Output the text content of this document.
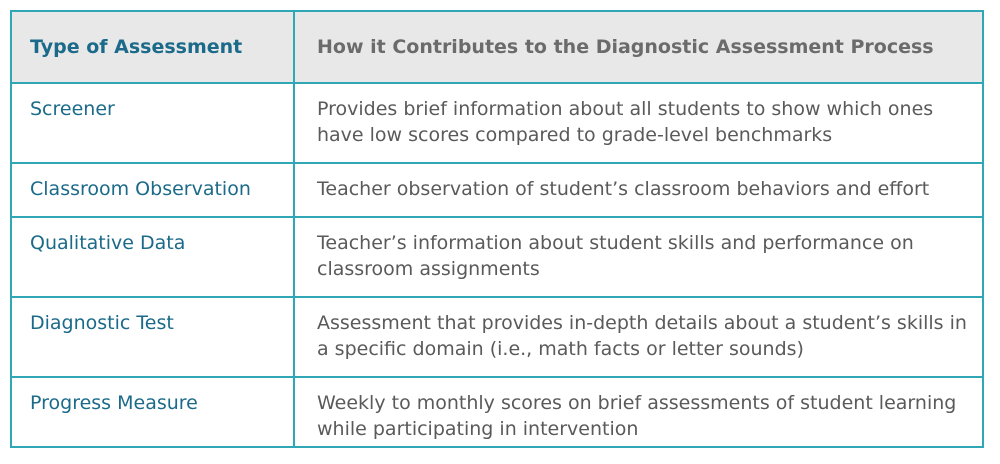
Type of Assessment	How it Contributes to the Diagnostic Assessment Process
Screener	Provides brief information about all students to show which ones have low scores compared to grade-level benchmarks
Classroom Observation	Teacher observation of student’s classroom behaviors and effort
Qualitative Data	Teacher’s information about student skills and performance on classroom assignments
Diagnostic Test	Assessment that provides in-depth details about a student’s skills in a specific domain (i.e., math facts or letter sounds)
Progress Measure	Weekly to monthly scores on brief assessments of student learning while participating in intervention
